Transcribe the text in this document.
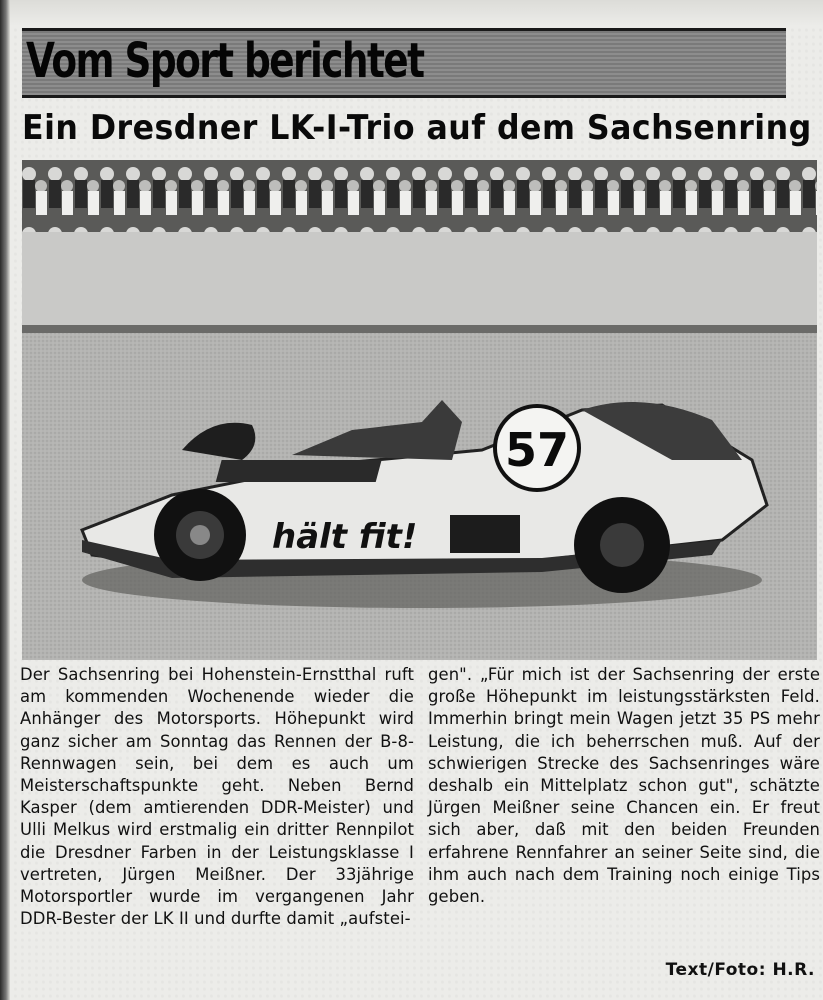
Vom Sport berichtet
Ein Dresdner LK-I-Trio auf dem Sachsenring
57
hält fit!

Der Sachsenring bei Hohenstein-Ernstthal ruft am kommenden Wochenende wieder die Anhänger des Motorsports. Höhepunkt wird ganz sicher am Sonntag das Rennen der B-8-Rennwagen sein, bei dem es auch um Meisterschaftspunkte geht. Neben Bernd Kasper (dem amtierenden DDR-Meister) und Ulli Melkus wird erstmalig ein dritter Rennpilot die Dresdner Farben in der Leistungsklasse I vertreten, Jürgen Meißner. Der 33jährige Motorsportler wurde im vergangenen Jahr DDR-Bester der LK II und durfte damit „aufstei-

gen". „Für mich ist der Sachsenring der erste große Höhepunkt im leistungsstärksten Feld. Immerhin bringt mein Wagen jetzt 35 PS mehr Leistung, die ich beherrschen muß. Auf der schwierigen Strecke des Sachsenringes wäre deshalb ein Mittelplatz schon gut", schätzte Jürgen Meißner seine Chancen ein. Er freut sich aber, daß mit den beiden Freunden erfahrene Rennfahrer an seiner Seite sind, die ihm auch nach dem Training noch einige Tips geben.

Text/Foto: H.R.
